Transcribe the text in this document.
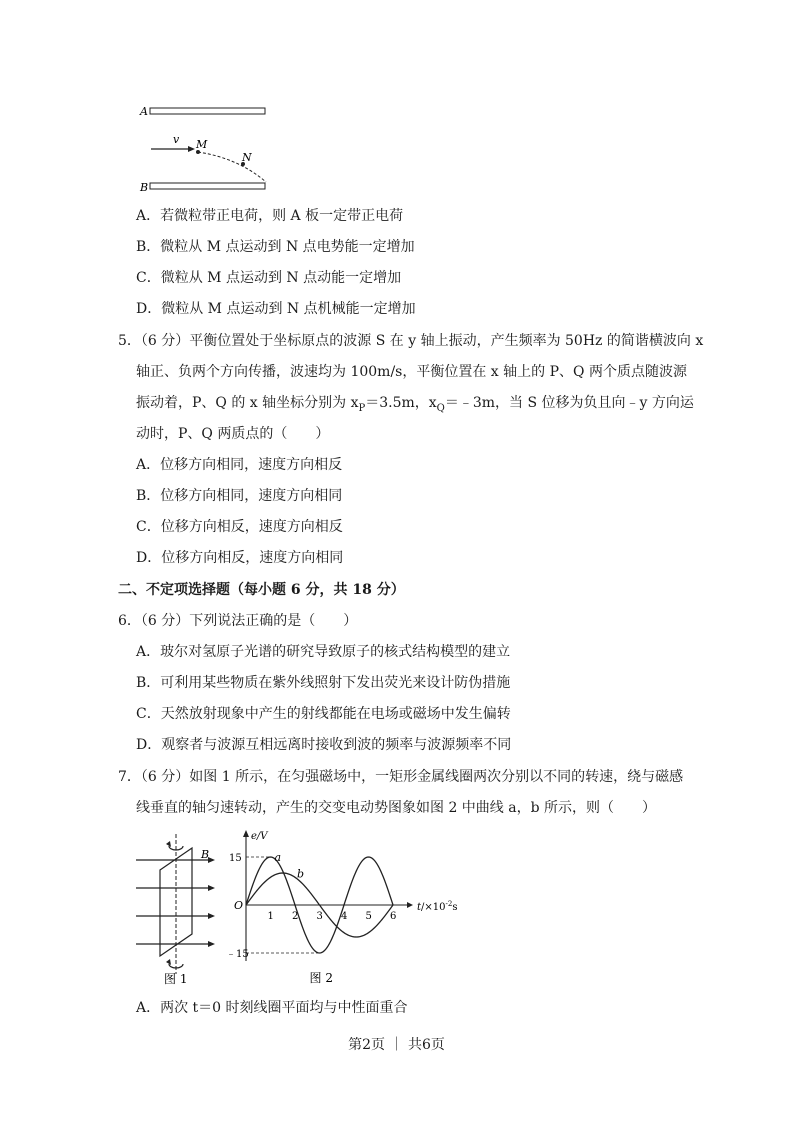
A
v M
N
B
A．若微粒带正电荷，则 A 板一定带正电荷
B．微粒从 M 点运动到 N 点电势能一定增加
C．微粒从 M 点运动到 N 点动能一定增加
D．微粒从 M 点运动到 N 点机械能一定增加
5．（6 分）平衡位置处于坐标原点的波源 S 在 y 轴上振动，产生频率为 50Hz 的简谐横波向 x
轴正、负两个方向传播，波速均为 100m/s，平衡位置在 x 轴上的 P、Q 两个质点随波源
振动着，P、Q 的 x 轴坐标分别为 $x_P=3.5m$，$x_Q=﹣3m$，当 S 位移为负且向﹣y 方向运
动时，P、Q 两质点的（　　）
A．位移方向相同，速度方向相反
B．位移方向相同，速度方向相同
C．位移方向相反，速度方向相反
D．位移方向相反，速度方向相同
二、不定项选择题（每小题 6 分，共 18 分）
6．（6 分）下列说法正确的是（　　）
A．玻尔对氢原子光谱的研究导致原子的核式结构模型的建立
B．可利用某些物质在紫外线照射下发出荧光来设计防伪措施
C．天然放射现象中产生的射线都能在电场或磁场中发生偏转
D．观察者与波源互相远离时接收到波的频率与波源频率不同
7．（6 分）如图 1 所示，在匀强磁场中，一矩形金属线圈两次分别以不同的转速，绕与磁感
线垂直的轴匀速转动，产生的交变电动势图象如图 2 中曲线 a，b 所示，则（　　）
B
图 1
e/V
$t/\times 10^{-2}s$
O
15
﹣15
1 2 3 4 5 6
a
b
图 2
A．两次 t＝0 时刻线圈平面均与中性面重合
第2页 ｜ 共6页
